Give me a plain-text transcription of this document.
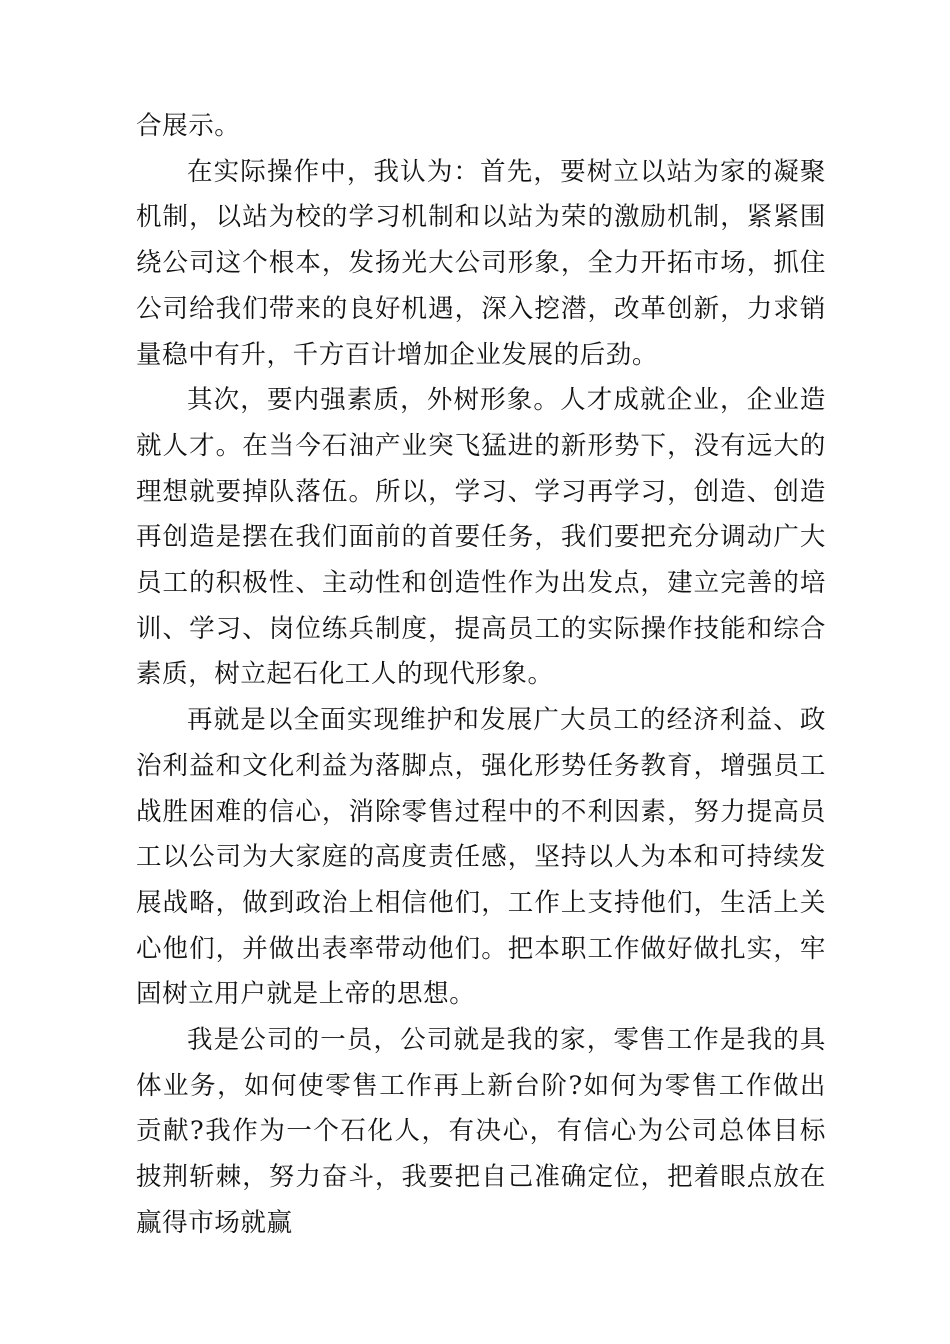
合展示。

在实际操作中，我认为：首先，要树立以站为家的凝聚机制，以站为校的学习机制和以站为荣的激励机制，紧紧围绕公司这个根本，发扬光大公司形象，全力开拓市场，抓住公司给我们带来的良好机遇，深入挖潜，改革创新，力求销量稳中有升，千方百计增加企业发展的后劲。

其次，要内强素质，外树形象。人才成就企业，企业造就人才。在当今石油产业突飞猛进的新形势下，没有远大的理想就要掉队落伍。所以，学习、学习再学习，创造、创造再创造是摆在我们面前的首要任务，我们要把充分调动广大员工的积极性、主动性和创造性作为出发点，建立完善的培训、学习、岗位练兵制度，提高员工的实际操作技能和综合素质，树立起石化工人的现代形象。

再就是以全面实现维护和发展广大员工的经济利益、政治利益和文化利益为落脚点，强化形势任务教育，增强员工战胜困难的信心，消除零售过程中的不利因素，努力提高员工以公司为大家庭的高度责任感，坚持以人为本和可持续发展战略，做到政治上相信他们，工作上支持他们，生活上关心他们，并做出表率带动他们。把本职工作做好做扎实，牢固树立用户就是上帝的思想。

我是公司的一员，公司就是我的家，零售工作是我的具体业务，如何使零售工作再上新台阶?如何为零售工作做出贡献?我作为一个石化人，有决心，有信心为公司总体目标披荆斩棘，努力奋斗，我要把自己准确定位，把着眼点放在赢得市场就赢
